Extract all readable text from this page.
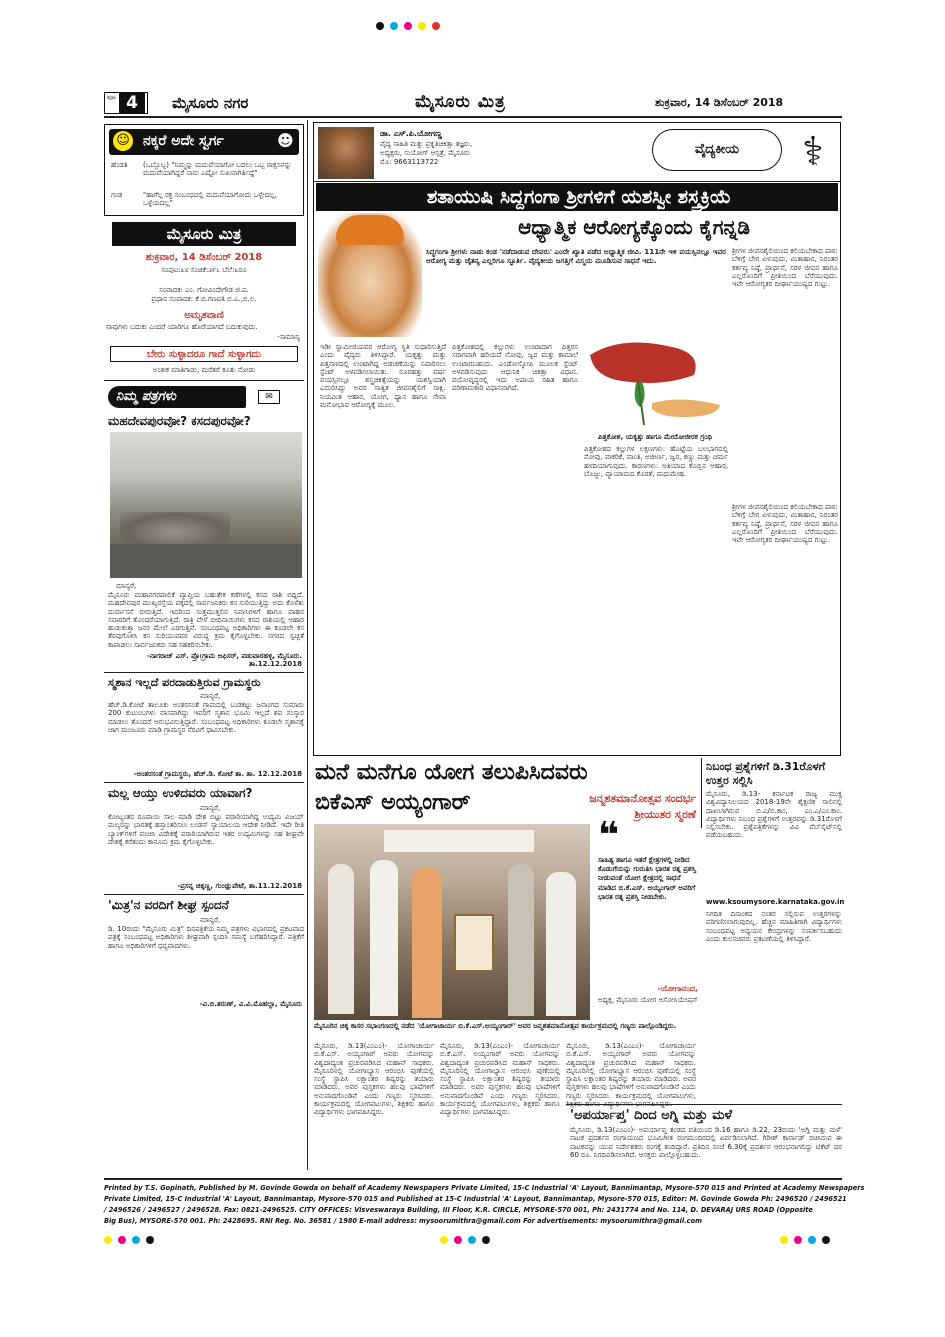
ಪುಟ 4	ಮೈಸೂರು ನಗರ	ಮೈಸೂರು ಮಿತ್ರ	ಶುಕ್ರವಾರ, 14 ಡಿಸೆಂಬರ್ 2018
☺ ನಕ್ಕರೆ ಅದೇ ಸ್ವರ್ಗ	☻
ಹೆಂಡತಿ	(ಒಬ್ಬೊಬ್ಬ) "ನಿಮ್ಮನ್ನು ಮದುವೆಯಾಗೋ ಬದಲು ಒಬ್ಬ ರಾಕ್ಷಸನನ್ನು ಮದುವೆಯಾಗಿದ್ದರೆ ನಾನು ಎಷ್ಟೋ ಸುಖವಾಗಿರ್ತಿದ್ದೆ"
ಗಂಡ	"ಹಾಗೆಲ್ಲ ರಕ್ತ ಸಂಬಂಧದಲ್ಲಿ ಮದುವೆಯಾಗೋದು ಒಳ್ಳೇದಲ್ಲ, ಒಳ್ಳೆಯದಲ್ಲ"
ಮೈಸೂರು ಮಿತ್ರ
ಶುಕ್ರವಾರ, 14 ಡಿಸೆಂಬರ್ 2018
ಸಂಪುಟ:೩೮ ಸಂಚಿಕೆ:೨೯೬ ಬೆಲೆ:೩ರೂ
ಸಂಪಾದಕ: ಎಂ. ಗೋವಿಂದೇಗೌಡ ಜಿ.ಪ.
ಪ್ರಧಾನ ಸಂಪಾದಕ: ಕೆ.ಬಿ.ಗಣಪತಿ ಬಿ.ಎ.,ಬಿ.ಲ.
ಅಮೃತವಾಣಿ
ನಾವುಗಳು ಬದುಕು ಎಂದರೆ ಯಾರಿಗೂ ಹೊರೆಯಾಗದೆ ಬದುಕುವುದು.
-ಸಾಮಾನ್ಯ
ಬೇರು ಸುಳ್ಳಾದರೂ ಗಾದೆ ಸುಳ್ಳಾಗದು
ಅಂತಃಕ ಮಾತಿಗಾಡು, ಮರೆತರೆ ಕೂತು ನೋಡು
ನಿಮ್ಮ ಪತ್ರಗಳು	✉
ಮಹದೇವಪುರವೋ? ಕಸದಪುರವೋ?
ಮಾನ್ಯರೆ,
ಮೈಸೂರು ಮಹಾನಗರಪಾಲಿಕೆ ವ್ಯಾಪ್ತಿಯ ಬಹುತೇಕ ಕಡೆಗಳಲ್ಲಿ ಕಸದ ರಾಶಿ ಬಿದ್ದಿದೆ. ಮಹದೇವಪುರ ಮುಖ್ಯರಸ್ತೆಯ ಪಕ್ಕದಲ್ಲಿ ಸಾರ್ವಜನಿಕರು ಕಸ ಸುರಿಯುತ್ತಿದ್ದು ಅದು ಕೊಳೆತು ದುರ್ವಾಸನೆ ಬೀರುತ್ತಿದೆ. ಇದರಿಂದ ಸುತ್ತಮುತ್ತಲಿನ ನಿವಾಸಿಗಳಿಗೆ ಹಾಗೂ ವಾಹನ ಸವಾರರಿಗೆ ತೊಂದರೆಯಾಗುತ್ತಿದೆ. ರಾತ್ರಿ ವೇಳೆ ಬೀದಿನಾಯಿಗಳು ಕಸದ ರಾಶಿಯಲ್ಲಿ ಆಹಾರ ಹುಡುಕುತ್ತಾ ಜನರ ಮೇಲೆ ಎರಗುತ್ತಿವೆ. ಸಂಬಂಧಪಟ್ಟ ಅಧಿಕಾರಿಗಳು ಈ ಕೂಡಲೇ ಕಸ ತೆರವುಗೊಳಿಸಿ ಕಸ ಸುರಿಯುವವರ ವಿರುದ್ಧ ಕ್ರಮ ಕೈಗೊಳ್ಳಬೇಕು. ನಗರದ ಸ್ವಚ್ಛತೆ ಕಾಪಾಡಲು ಸಾರ್ವಜನಿಕರು ಸಹ ಸಹಕರಿಸಬೇಕು.
-ನಾಗರಾಜ್ ಎಸ್. ಪ್ರೊ।ಗ್ರಾಮ ಅಫಿಸರ್, ಪಡುವಾರಹಳ್ಳಿ, ಮೈಸೂರು. ತಾ.12.12.2018
ಸ್ಮಶಾನ ಇಲ್ಲದೆ ಪರದಾಡುತ್ತಿರುವ ಗ್ರಾಮಸ್ಥರು
ಮಾನ್ಯರೆ,
ಹೆಚ್.ಡಿ.ಕೋಟೆ ತಾಲೂಕು ಅಂತರಸಂತೆ ಗ್ರಾಮದಲ್ಲಿ ಬುಡಕಟ್ಟು ಜನಾಂಗದ ಸುಮಾರು 200 ಕುಟುಂಬಗಳು ವಾಸವಾಗಿದ್ದು ಇವರಿಗೆ ಸ್ಮಶಾನ ಭೂಮಿ ಇಲ್ಲದೆ ಶವ ಸಂಸ್ಕಾರ ಮಾಡಲು ತೊಂದರೆ ಅನುಭವಿಸುತ್ತಿದ್ದಾರೆ. ಸಂಬಂಧಪಟ್ಟ ಅಧಿಕಾರಿಗಳು ಕೂಡಲೇ ಸ್ಮಶಾನಕ್ಕೆ ಜಾಗ ಮಂಜೂರು ಮಾಡಿ ಗ್ರಾಮಸ್ಥರ ನೆರವಿಗೆ ಧಾವಿಸಬೇಕು.
-ಅಂತರಸಂತೆ ಗ್ರಾಮಸ್ಥರು, ಹೆಚ್.ಡಿ. ಕೋಟೆ ತಾ. ತಾ. 12.12.2018
ಮಲ್ಲ ಆಯ್ತು ಉಳಿದವರು ಯಾವಾಗ?
ಮಾನ್ಯರೆ,
ಕೋಟ್ಯಂತರ ರೂಪಾಯಿ ಸಾಲ ಮಾಡಿ ದೇಶ ಬಿಟ್ಟು ಪರಾರಿಯಾಗಿದ್ದ ಉದ್ಯಮಿ ವಿಜಯ್ ಮಲ್ಯರನ್ನು ಭಾರತಕ್ಕೆ ಹಸ್ತಾಂತರಿಸಲು ಲಂಡನ್ ನ್ಯಾಯಾಲಯ ಆದೇಶ ನೀಡಿದೆ. ಇದೇ ರೀತಿ ಬ್ಯಾಂಕ್‌ಗಳಿಗೆ ವಂಚಿಸಿ ವಿದೇಶಕ್ಕೆ ಪರಾರಿಯಾಗಿರುವ ಇತರ ಉದ್ಯಮಿಗಳನ್ನು ಸಹ ಶೀಘ್ರವೇ ದೇಶಕ್ಕೆ ಕರೆತಂದು ಕಾನೂನು ಕ್ರಮ ಕೈಗೊಳ್ಳಬೇಕು.
-ಪ್ರಸನ್ನ ಚಿಕ್ಕಣ್ಣ, ಗುಂಡ್ಲುಪೇಟೆ, ತಾ.11.12.2018
'ಮಿತ್ರ'ನ ವರದಿಗೆ ಶೀಘ್ರ ಸ್ಪಂದನೆ
ಮಾನ್ಯರೆ,
ಡಿ. 10ರಂದು "ಮೈಸೂರು ಮಿತ್ರ" ದಿನಪತ್ರಿಕೆಯ ನಿಮ್ಮ ಪತ್ರಗಳು ವಿಭಾಗದಲ್ಲಿ ಪ್ರಕಟವಾದ ಪತ್ರಕ್ಕೆ ಸಂಬಂಧಪಟ್ಟ ಅಧಿಕಾರಿಗಳು ಶೀಘ್ರವಾಗಿ ಸ್ಪಂದಿಸಿ ಸಮಸ್ಯೆ ಬಗೆಹರಿಸಿದ್ದಾರೆ. ಪತ್ರಿಕೆಗೆ ಹಾಗೂ ಅಧಿಕಾರಿಗಳಿಗೆ ಧನ್ಯವಾದಗಳು.
-ವಿ.ಬಿ.ತರುಣ್, ವಿ.ವಿ.ಮೊಹಲ್ಲಾ, ಮೈಸೂರು
ಡಾ. ಎಸ್.ಪಿ.ಯೋಗಣ್ಣ
ವೈದ್ಯ ಸಾಹಿತಿ ಮತ್ತು ಪ್ರಕೃತಿಚಿಕಿತ್ಸಾ ತಜ್ಞರು,
ಅಧ್ಯಕ್ಷರು, ಸುಯೋಗ್ ಆಸ್ಪತ್ರೆ, ಮೈಸೂರು
ಮೊ: 9663113722
ವೈದ್ಯಕೀಯ	⚕
ಶತಾಯುಷಿ ಸಿದ್ದಗಂಗಾ ಶ್ರೀಗಳಿಗೆ ಯಶಸ್ವೀ ಶಸ್ತ್ರಕ್ರಿಯೆ
ಆಧ್ಯಾತ್ಮಿಕ ಆರೋಗ್ಯಕ್ಕೊಂದು ಕೈಗನ್ನಡಿ
ಸಿದ್ಧಗಂಗಾ ಶ್ರೀಗಳು ನಾಡು ಕಂಡ 'ನಡೆದಾಡುವ ದೇವರು' ಎಂದೇ ಖ್ಯಾತಿ ಪಡೆದ ಅಧ್ಯಾತ್ಮಿಕ ಜೀವಿ. 111ನೇ ಇಳಿ ವಯಸ್ಸಿನಲ್ಲೂ ಇವರ ಆರೋಗ್ಯ ಮತ್ತು ಚೈತನ್ಯ ಎಲ್ಲರಿಗೂ ಸ್ಫೂರ್ತಿ. ವೈದ್ಯಕೀಯ ಜಗತ್ತಿಗೆ ವಿಸ್ಮಯ ಮೂಡಿಸುವ ಸಾಧನೆ ಇದು.
ಶ್ರೀಗಳ ಜೀವನಶೈಲಿಯಿಂದ ಕಲಿಯಬೇಕಾದ ಪಾಠ: ಬೆಳಿಗ್ಗೆ ಬೇಗ ಏಳುವುದು, ಮಿತಾಹಾರ, ನಿರಂತರ ಕರ್ತವ್ಯ ನಿಷ್ಠೆ, ಪ್ರಾರ್ಥನೆ, ಸರಳ ಜೀವನ ಹಾಗೂ ಎಲ್ಲರೊಂದಿಗೆ ಪ್ರೀತಿಯಿಂದ ಬೆರೆಯುವುದು. ಇವೇ ಆರೋಗ್ಯಕರ ದೀರ್ಘಾಯುಷ್ಯದ ಗುಟ್ಟು.
ಇಡೀ ಸ್ವಾಮೀಜಿಯವರ ಆರೋಗ್ಯ ಸ್ಥಿತಿ ಸುಧಾರಿಸುತ್ತಿದೆ ಎಂದು ವೈದ್ಯರು ತಿಳಿಸಿದ್ದಾರೆ. ಯಕೃತ್ತು ಮತ್ತು ಪಿತ್ತನಾಳದಲ್ಲಿ ಉಂಟಾಗಿದ್ದ ಅಡಚಣೆಯನ್ನು ನಿವಾರಿಸಲು ಸ್ಟೆಂಟ್ ಅಳವಡಿಸಲಾಯಿತು. ನೂರಹತ್ತು ವರ್ಷ ವಯಸ್ಸಿನಲ್ಲೂ ಶಸ್ತ್ರಚಿಕಿತ್ಸೆಯನ್ನು ಯಶಸ್ವಿಯಾಗಿ ಎದುರಿಸಿದ್ದು ಅವರ ಸಾತ್ವಿಕ ಜೀವನಶೈಲಿಗೆ ಸಾಕ್ಷಿ. ನಿಯಮಿತ ಆಹಾರ, ಯೋಗ, ಧ್ಯಾನ ಹಾಗೂ ಸೇವಾ ಮನೋಭಾವ ಆರೋಗ್ಯಕ್ಕೆ ಮೂಲ.
ಪಿತ್ತಕೋಶದಲ್ಲಿ ಕಲ್ಲುಗಳು ಉಂಟಾದಾಗ ಪಿತ್ತರಸ ಸರಾಗವಾಗಿ ಹರಿಯದೆ ನೋವು, ಜ್ವರ ಮತ್ತು ಕಾಮಾಲೆ ಉಂಟಾಗಬಹುದು. ಎಂಡೋಸ್ಕೋಪಿ ಮೂಲಕ ಸ್ಟೆಂಟ್ ಅಳವಡಿಸುವುದು ಆಧುನಿಕ ಚಿಕಿತ್ಸಾ ವಿಧಾನ. ವಯೋವೃದ್ಧರಲ್ಲಿ ಇದು ಅಪಾಯ ರಹಿತ ಹಾಗೂ ಪರಿಣಾಮಕಾರಿ ವಿಧಾನವಾಗಿದೆ.
ಪಿತ್ತಕೋಶ, ಯಕೃತ್ತು ಹಾಗೂ ಮೇದೋಜೀರಕ ಗ್ರಂಥಿ
ಪಿತ್ತಕೋಶದ ಕಲ್ಲುಗಳ ಲಕ್ಷಣಗಳು: ಹೊಟ್ಟೆಯ ಬಲಭಾಗದಲ್ಲಿ ನೋವು, ವಾಕರಿಕೆ, ವಾಂತಿ, ಅಜೀರ್ಣ, ಜ್ವರ, ಕಣ್ಣು ಮತ್ತು ಚರ್ಮ ಹಳದಿಯಾಗುವುದು. ಕಾರಣಗಳು: ಅತಿಯಾದ ಕೊಬ್ಬಿನ ಆಹಾರ, ಬೊಜ್ಜು, ವ್ಯಾಯಾಮದ ಕೊರತೆ, ಮಧುಮೇಹ.
ಶ್ರೀಗಳ ಜೀವನಶೈಲಿಯಿಂದ ಕಲಿಯಬೇಕಾದ ಪಾಠ: ಬೆಳಿಗ್ಗೆ ಬೇಗ ಏಳುವುದು, ಮಿತಾಹಾರ, ನಿರಂತರ ಕರ್ತವ್ಯ ನಿಷ್ಠೆ, ಪ್ರಾರ್ಥನೆ, ಸರಳ ಜೀವನ ಹಾಗೂ ಎಲ್ಲರೊಂದಿಗೆ ಪ್ರೀತಿಯಿಂದ ಬೆರೆಯುವುದು. ಇವೇ ಆರೋಗ್ಯಕರ ದೀರ್ಘಾಯುಷ್ಯದ ಗುಟ್ಟು.
ಮನೆ ಮನೆಗೂ ಯೋಗ ತಲುಪಿಸಿದವರು
ಬಿಕೆಎಸ್ ಅಯ್ಯಂಗಾರ್	ಜನ್ಮಶತಮಾನೋತ್ಸವ ಸಂದರ್ಭ
ಶ್ರೀಯುತರ ಸ್ಮರಣೆ
ಮೈಸೂರಿನ ಚಿಕ್ಕ ಕಾಸರ ಸಭಾಂಗಣದಲ್ಲಿ ನಡೆದ 'ಯೋಗಾಚಾರ್ಯ ಬಿ.ಕೆ.ಎಸ್.ಅಯ್ಯಂಗಾರ್' ಅವರ ಜನ್ಮಶತಮಾನೋತ್ಸವ ಕಾರ್ಯಕ್ರಮದಲ್ಲಿ ಗಣ್ಯರು ಪಾಲ್ಗೊಂಡಿದ್ದರು.
❝
ಸಾಹಿತ್ಯ ಹಾಗೂ ಇತರೆ ಕ್ಷೇತ್ರಗಳಲ್ಲಿ ನೀಡಿದ ಕೊಡುಗೆಯನ್ನು ಗುರುತಿಸಿ ಭಾರತ ರತ್ನ ಪ್ರಶಸ್ತಿ ನೀಡುವಂತೆ ಯೋಗ ಕ್ಷೇತ್ರದಲ್ಲಿ ಸಾಧನೆ ಮಾಡಿದ ಬಿ.ಕೆ.ಎಸ್. ಅಯ್ಯಂಗಾರ್ ಅವರಿಗೆ ಭಾರತ ರತ್ನ ಪ್ರಶಸ್ತಿ ನೀಡಬೇಕು.
-ಯೋಗಾನಂದ,
ಅಧ್ಯಕ್ಷ, ಮೈಸೂರು ಯೋಗ ಅಸೋಸಿಯೇಷನ್
ಮೈಸೂರು, ಡಿ.13(ಎಂಎಂ)- ಯೋಗಾಚಾರ್ಯ ಬಿ.ಕೆ.ಎಸ್. ಅಯ್ಯಂಗಾರ್ ಅವರು ಯೋಗವನ್ನು ವಿಶ್ವದಾದ್ಯಂತ ಪ್ರಚುರಪಡಿಸಿದ ಮಹಾನ್ ಸಾಧಕರು. ಮೈಸೂರಿನಲ್ಲಿ ಯೋಗಾಭ್ಯಾಸ ಆರಂಭಿಸಿ ಪುಣೆಯಲ್ಲಿ ಸಂಸ್ಥೆ ಸ್ಥಾಪಿಸಿ ಲಕ್ಷಾಂತರ ಶಿಷ್ಯರನ್ನು ತಯಾರು ಮಾಡಿದರು. ಅವರ ಪುಸ್ತಕಗಳು ಹಲವು ಭಾಷೆಗಳಿಗೆ ಅನುವಾದಗೊಂಡಿವೆ ಎಂದು ಗಣ್ಯರು ಸ್ಮರಿಸಿದರು. ಕಾರ್ಯಕ್ರಮದಲ್ಲಿ ಯೋಗಪಟುಗಳು, ಶಿಕ್ಷಕರು ಹಾಗೂ ವಿದ್ಯಾರ್ಥಿಗಳು ಭಾಗವಹಿಸಿದ್ದರು.
ಮೈಸೂರು, ಡಿ.13(ಎಂಎಂ)- ಯೋಗಾಚಾರ್ಯ ಬಿ.ಕೆ.ಎಸ್. ಅಯ್ಯಂಗಾರ್ ಅವರು ಯೋಗವನ್ನು ವಿಶ್ವದಾದ್ಯಂತ ಪ್ರಚುರಪಡಿಸಿದ ಮಹಾನ್ ಸಾಧಕರು. ಮೈಸೂರಿನಲ್ಲಿ ಯೋಗಾಭ್ಯಾಸ ಆರಂಭಿಸಿ ಪುಣೆಯಲ್ಲಿ ಸಂಸ್ಥೆ ಸ್ಥಾಪಿಸಿ ಲಕ್ಷಾಂತರ ಶಿಷ್ಯರನ್ನು ತಯಾರು ಮಾಡಿದರು. ಅವರ ಪುಸ್ತಕಗಳು ಹಲವು ಭಾಷೆಗಳಿಗೆ ಅನುವಾದಗೊಂಡಿವೆ ಎಂದು ಗಣ್ಯರು ಸ್ಮರಿಸಿದರು. ಕಾರ್ಯಕ್ರಮದಲ್ಲಿ ಯೋಗಪಟುಗಳು, ಶಿಕ್ಷಕರು ಹಾಗೂ ವಿದ್ಯಾರ್ಥಿಗಳು ಭಾಗವಹಿಸಿದ್ದರು.
ಮೈಸೂರು, ಡಿ.13(ಎಂಎಂ)- ಯೋಗಾಚಾರ್ಯ ಬಿ.ಕೆ.ಎಸ್. ಅಯ್ಯಂಗಾರ್ ಅವರು ಯೋಗವನ್ನು ವಿಶ್ವದಾದ್ಯಂತ ಪ್ರಚುರಪಡಿಸಿದ ಮಹಾನ್ ಸಾಧಕರು. ಮೈಸೂರಿನಲ್ಲಿ ಯೋಗಾಭ್ಯಾಸ ಆರಂಭಿಸಿ ಪುಣೆಯಲ್ಲಿ ಸಂಸ್ಥೆ ಸ್ಥಾಪಿಸಿ ಲಕ್ಷಾಂತರ ಶಿಷ್ಯರನ್ನು ತಯಾರು ಮಾಡಿದರು. ಅವರ ಪುಸ್ತಕಗಳು ಹಲವು ಭಾಷೆಗಳಿಗೆ ಅನುವಾದಗೊಂಡಿವೆ ಎಂದು ಗಣ್ಯರು ಸ್ಮರಿಸಿದರು. ಕಾರ್ಯಕ್ರಮದಲ್ಲಿ ಯೋಗಪಟುಗಳು,
ನಿಬಂಧ ಪ್ರಶ್ನೆಗಳಿಗೆ ಡಿ.31ರೊಳಗೆ ಉತ್ತರ ಸಲ್ಲಿಸಿ
ಮೈಸೂರು, ಡಿ.13- ಕರ್ನಾಟಕ ರಾಜ್ಯ ಮುಕ್ತ ವಿಶ್ವವಿದ್ಯಾನಿಲಯದ 2018-19ನೇ ಶೈಕ್ಷಣಿಕ ಸಾಲಿನಲ್ಲಿ ದಾಖಲಾಗಿರುವ ಬಿ.ಎ/ಬಿ.ಕಾಂ, ಎಂ.ಎ/ಎಂ.ಕಾಂ. ವಿದ್ಯಾರ್ಥಿಗಳು ನಿಬಂಧ ಪ್ರಶ್ನೆಗಳಿಗೆ ಉತ್ತರವನ್ನು ಡಿ.31ರೊಳಗೆ ಸಲ್ಲಿಸಬೇಕು. ಪ್ರಶ್ನೆಪತ್ರಿಕೆಗಳನ್ನು ವಿವಿ ವೆಬ್‌ಸೈಟ್‌ನಲ್ಲಿ ಪಡೆಯಬಹುದು.
www.ksoumysore.karnataka.gov.in
ನಿಗದಿತ ದಿನಾಂಕದ ನಂತರ ಸಲ್ಲಿಸುವ ಉತ್ತರಗಳನ್ನು ಪರಿಗಣಿಸಲಾಗುವುದಿಲ್ಲ. ಹೆಚ್ಚಿನ ಮಾಹಿತಿಗಾಗಿ ವಿದ್ಯಾರ್ಥಿಗಳು ಸಂಬಂಧಪಟ್ಟ ಅಧ್ಯಯನ ಕೇಂದ್ರಗಳನ್ನು ಸಂಪರ್ಕಿಸಬಹುದು ಎಂದು ಕುಲಸಚಿವರು ಪ್ರಕಟಣೆಯಲ್ಲಿ ತಿಳಿಸಿದ್ದಾರೆ.
'ಅಪರ್ಯಾಪ್ತ' ದಿಂದ ಅಗ್ನಿ ಮತ್ತು ಮಳೆ
ಮೈಸೂರು, ಡಿ.13(ಎಂಎಂ)- ಅಪರ್ಯಾಪ್ತ ತಂಡದ ವತಿಯಿಂದ ಡಿ.16 ಹಾಗೂ ಡಿ.22, 23ರಂದು 'ಅಗ್ನಿ ಮತ್ತು ಮಳೆ' ನಾಟಕ ಪ್ರದರ್ಶನ ರಂಗಾಯಣದ ಭೂಮಿಗೀತ ರಂಗಮಂದಿರದಲ್ಲಿ ಏರ್ಪಡಿಸಲಾಗಿದೆ. ಗಿರೀಶ್ ಕಾರ್ನಾಡ್ ರಚಿಸಿರುವ ಈ ನಾಟಕವನ್ನು ಯುವ ನಿರ್ದೇಶಕರು ರಂಗಕ್ಕೆ ತಂದಿದ್ದಾರೆ. ಪ್ರತಿದಿನ ಸಂಜೆ 6.30ಕ್ಕೆ ಪ್ರದರ್ಶನ ಆರಂಭವಾಗಲಿದ್ದು ಟಿಕೆಟ್ ದರ 60 ರೂ. ನಿಗದಿಪಡಿಸಲಾಗಿದೆ. ಆಸಕ್ತರು ಪಾಲ್ಗೊಳ್ಳಬಹುದು.
Printed by T.S. Gopinath, Published by M. Govinde Gowda on behalf of Academy Newspapers Private Limited, 15-C Industrial 'A' Layout, Bannimantap, Mysore-570 015 and Printed at Academy Newspapers
Private Limited, 15-C Industrial 'A' Layout, Bannimantap, Mysore-570 015 and Published at 15-C Industrial 'A' Layout, Bannimantap, Mysore-570 015, Editor: M. Govinde Gowda Ph: 2496520 / 2496521
/ 2496526 / 2496527 / 2496528. Fax: 0821-2496525. CITY OFFICES: Visveswaraya Building, III Floor, K.R. CIRCLE, MYSORE-570 001, Ph: 2431774 and No. 114, D. DEVARAJ URS ROAD (Opposite
Big Bus), MYSORE-570 001. Ph: 2428695. RNI Reg. No. 36581 / 1980 E-mail address: mysoorumithra@gmail.com For advertisements: mysoorumithra@gmail.com
